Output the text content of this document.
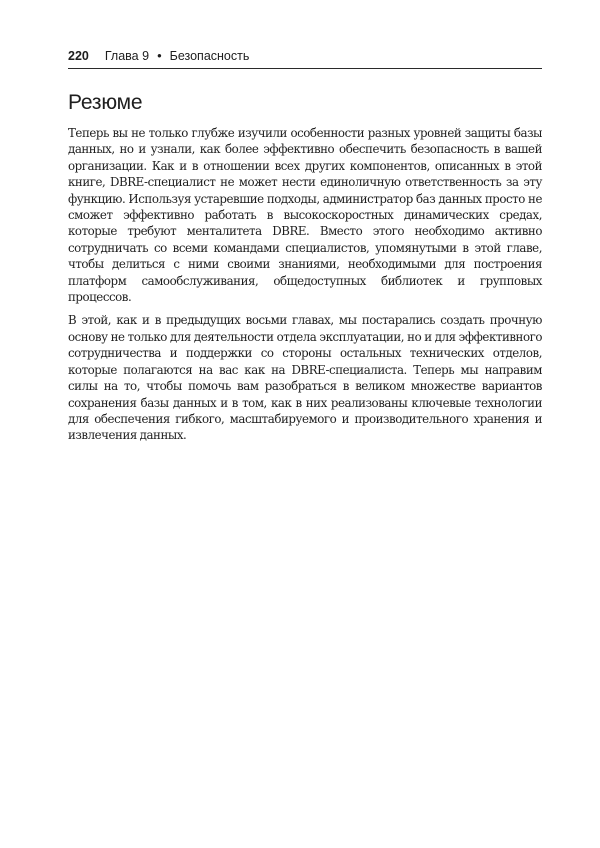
220 Глава 9 • Безопасность
Резюме

Теперь вы не только глубже изучили особенности разных уровней защиты базы данных, но и узнали, как более эффективно обеспечить безопасность в вашей организации. Как и в отношении всех других компонентов, описанных в этой книге, DBRE-специалист не может нести единоличную ответственность за эту функцию. Используя устаревшие подходы, администратор баз данных просто не сможет эффективно работать в высокоскоростных динамических средах, которые требуют менталитета DBRE. Вместо этого необходимо активно сотрудничать со всеми командами специалистов, упомянутыми в этой главе, чтобы делиться с ними своими знаниями, необходимыми для построения платформ самообслуживания, общедоступных библиотек и групповых процессов.

В этой, как и в предыдущих восьми главах, мы постарались создать прочную основу не только для деятельности отдела эксплуатации, но и для эффективного сотрудничества и поддержки со стороны остальных технических отделов, которые полагаются на вас как на DBRE-специалиста. Теперь мы направим силы на то, чтобы помочь вам разобраться в великом множестве вариантов сохранения базы данных и в том, как в них реализованы ключевые технологии для обеспечения гибкого, масштабируемого и производительного хранения и извлечения данных.
